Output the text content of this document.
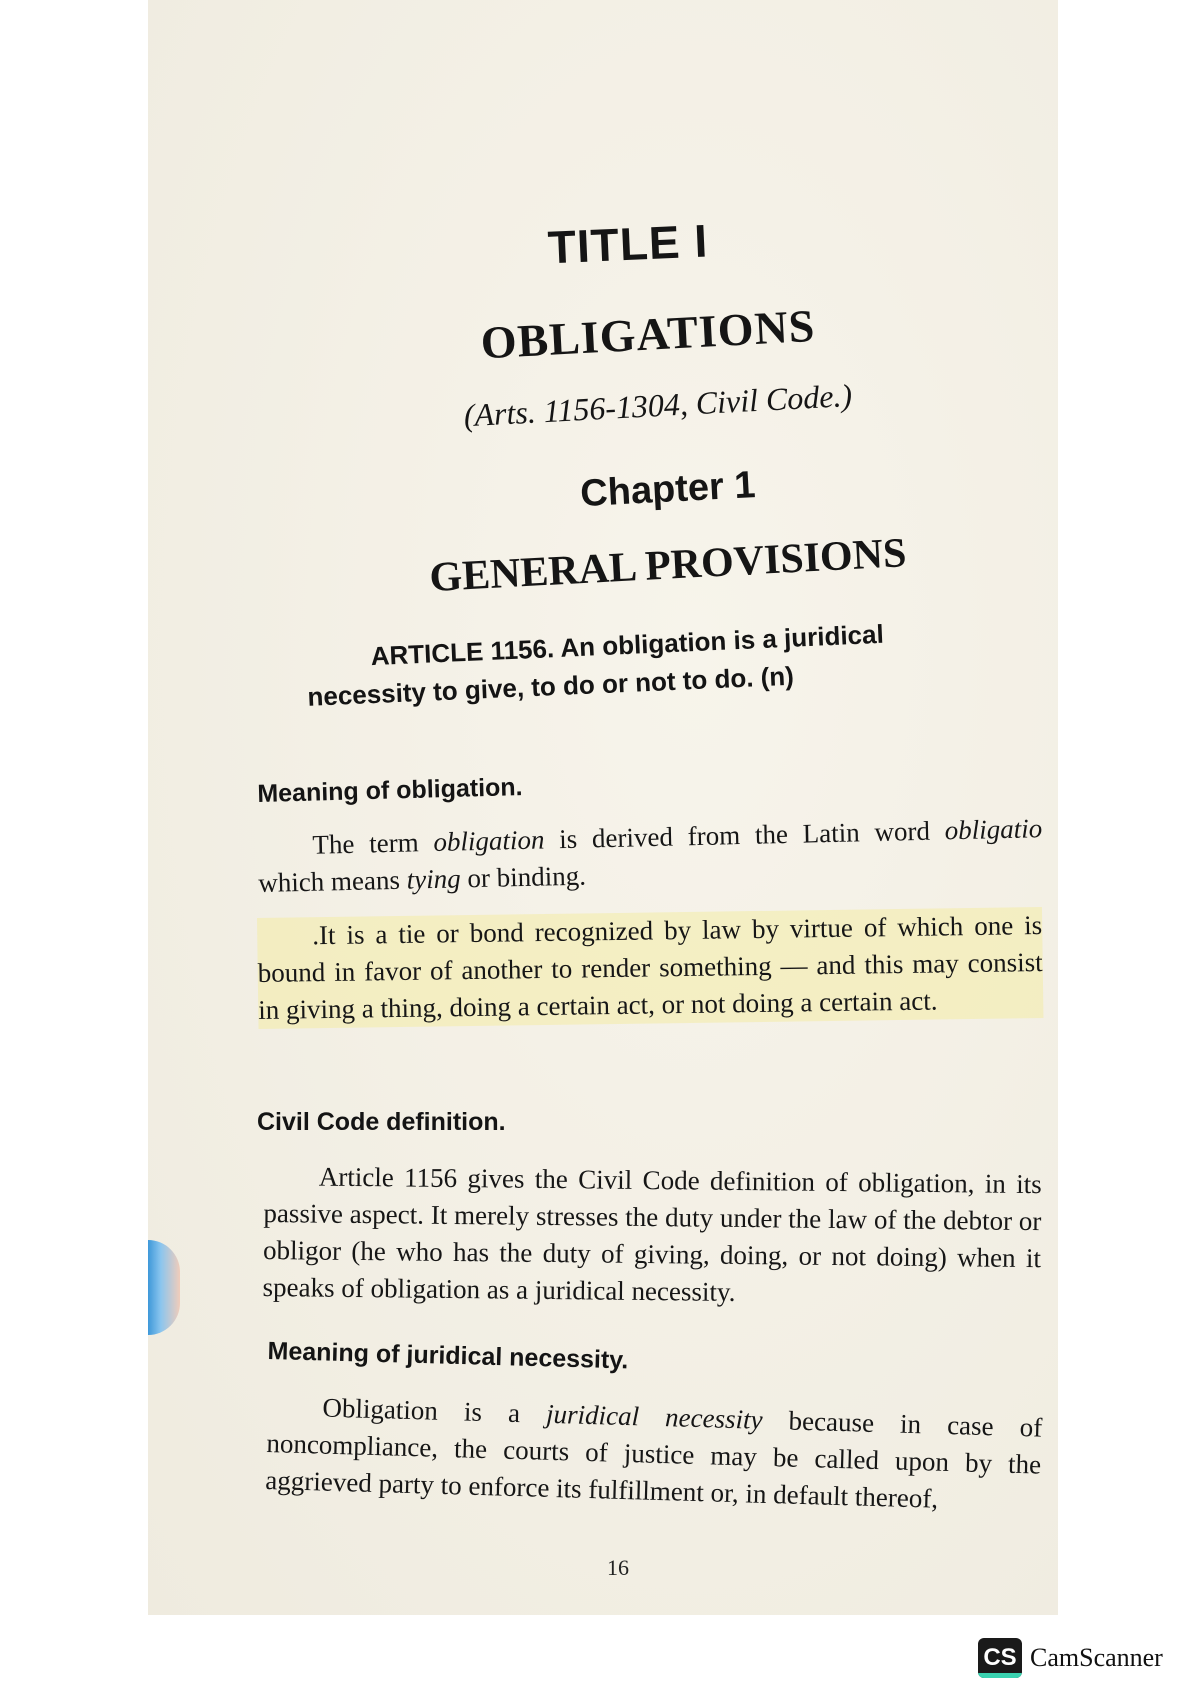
TITLE I
OBLIGATIONS
(Arts. 1156-1304, Civil Code.)
Chapter 1
GENERAL PROVISIONS
ARTICLE 1156. An obligation is a juridical
necessity to give, to do or not to do. (n)
Meaning of obligation.
The term obligation is derived from the Latin word obligatio which means tying or binding.
.It is a tie or bond recognized by law by virtue of which one is bound in favor of another to render something — and this may consist in giving a thing, doing a certain act, or not doing a certain act.
Civil Code definition.
Article 1156 gives the Civil Code definition of obligation, in its passive aspect. It merely stresses the duty under the law of the debtor or obligor (he who has the duty of giving, doing, or not doing) when it speaks of obligation as a juridical necessity.
Meaning of juridical necessity.
Obligation is a juridical necessity because in case of noncompliance, the courts of justice may be called upon by the aggrieved party to enforce its fulfillment or, in default thereof,
16
CS CamScanner
